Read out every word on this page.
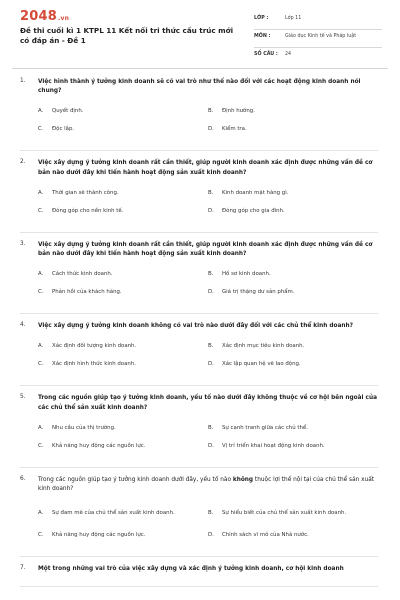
2048.vn
Đề thi cuối kì 1 KTPL 11 Kết nối tri thức cấu trúc mới có đáp án - Đề 1
LỚP :	Lớp 11
MÔN :	Giáo dục Kinh tế và Pháp luật
SỐ CÂU : 24
1. Việc hình thành ý tưởng kinh doanh sẽ có vai trò như thế nào đối với các hoạt động kinh doanh nói chung?
A.	Quyết định.	B.	Định hướng.
C.	Độc lập.	D.	Kiểm tra.
2. Việc xây dựng ý tưởng kinh doanh rất cần thiết, giúp người kinh doanh xác định được những vấn đề cơ bản nào dưới đây khi tiến hành hoạt động sản xuất kinh doanh?
A.	Thời gian sẽ thành công.	B.	Kinh doanh mặt hàng gì.
C.	Đóng góp cho nền kinh tế.	D.	Đóng góp cho gia đình.
3. Việc xây dựng ý tưởng kinh doanh rất cần thiết, giúp người kinh doanh xác định được những vấn đề cơ bản nào dưới đây khi tiến hành hoạt động sản xuất kinh doanh?
A.	Cách thức kinh doanh.	B.	Hồ sơ kinh doanh.
C.	Phản hồi của khách hàng.	D.	Giá trị thặng dư sản phẩm.
4. Việc xây dựng ý tưởng kinh doanh không có vai trò nào dưới đây đối với các chủ thể kinh doanh?
A.	Xác định đối tượng kinh doanh.	B.	Xác định mục tiêu kinh doanh.
C.	Xác định hình thức kinh doanh.	D.	Xác lập quan hệ vẽ lao động.
5. Trong các nguồn giúp tạo ý tưởng kinh doanh, yếu tố nào dưới đây không thuộc về cơ hội bên ngoài của các chủ thể sản xuất kinh doanh?
A.	Nhu cầu của thị trường.	B.	Sự cạnh tranh giữa các chủ thể.
C.	Khả năng huy động các nguồn lực.	D.	Vị trí triển khai hoạt động kinh doanh.
6. Trong các nguồn giúp tạo ý tưởng kinh doanh dưới đây, yếu tố nào không thuộc lợi thế nội tại của chủ thể sản xuất kinh doanh?
A.	Sự đam mê của chủ thể sản xuất kinh doanh.	B.	Sự hiểu biết của chủ thể sản xuất kinh doanh.
C.	Khả năng huy động các nguồn lực.	D.	Chính sách vĩ mô của Nhà nước.
7. Một trong những vai trò của việc xây dựng và xác định ý tưởng kinh doanh, cơ hội kinh doanh
